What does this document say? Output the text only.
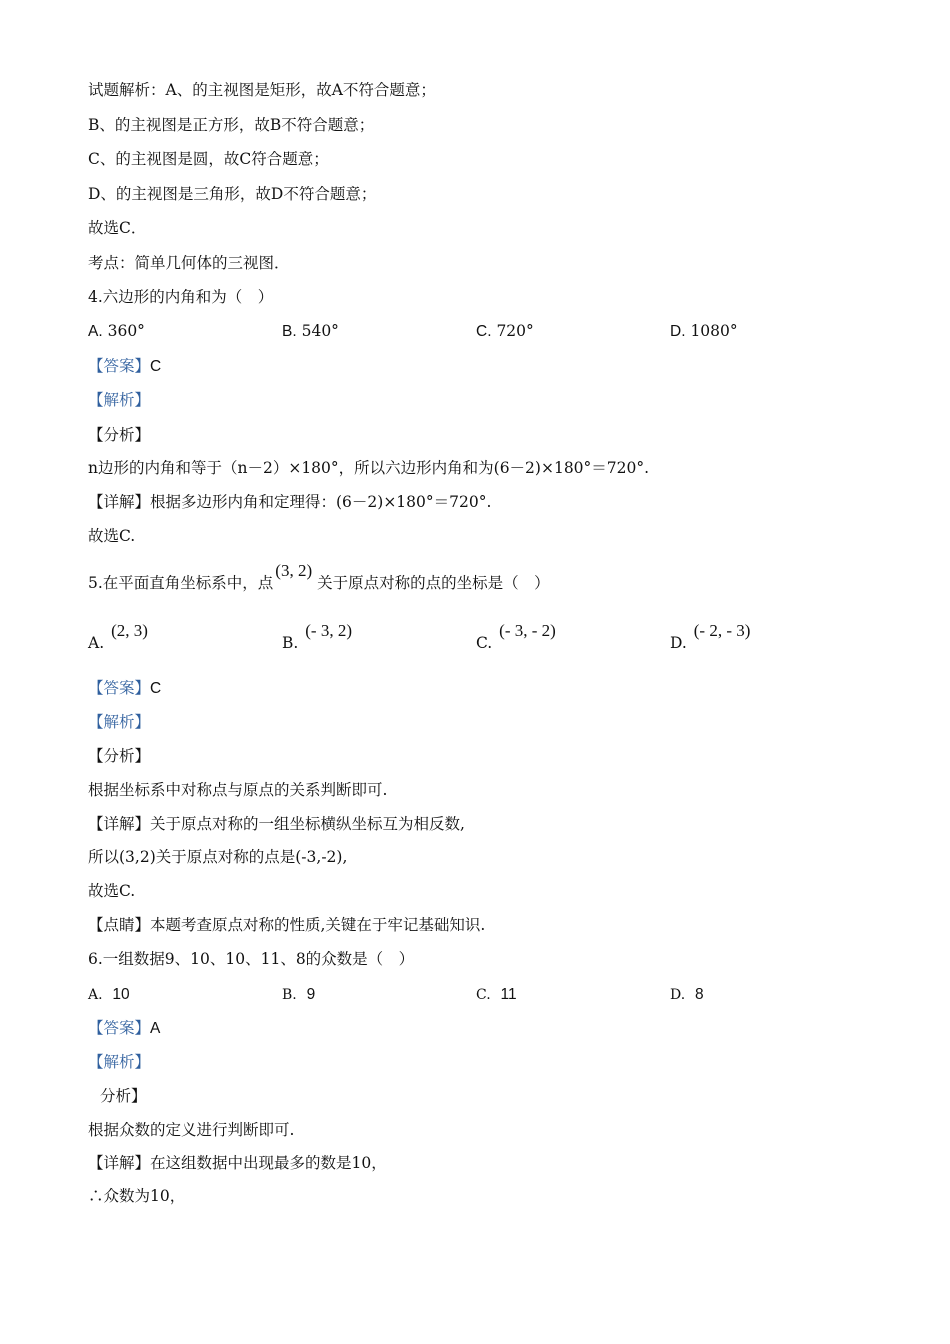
试题解析：A、的主视图是矩形，故A不符合题意；
B、的主视图是正方形，故B不符合题意；
C、的主视图是圆，故C符合题意；
D、的主视图是三角形，故D不符合题意；
故选C．
考点：简单几何体的三视图．
4.六边形的内角和为（　）
A. 360°	B. 540°	C. 720°	D. 1080°
【答案】C
【解析】
【分析】
n边形的内角和等于（n－2）×180°，所以六边形内角和为(6－2)×180°＝720°.
【详解】根据多边形内角和定理得：(6－2)×180°＝720°.
故选C.
5.在平面直角坐标系中，点(3, 2) 关于原点对称的点的坐标是（　）
A. (2, 3)
B. (- 3, 2)
C. (- 3, - 2)
D. (- 2, - 3)
【答案】C
【解析】
【分析】
根据坐标系中对称点与原点的关系判断即可.
【详解】关于原点对称的一组坐标横纵坐标互为相反数,
所以(3,2)关于原点对称的点是(-3,-2),
故选C.
【点睛】本题考查原点对称的性质,关键在于牢记基础知识.
6.一组数据9、10、10、11、8的众数是（　）
A. 10	B. 9	C. 11	D. 8
【答案】A
【解析】
分析】
根据众数的定义进行判断即可.
【详解】在这组数据中出现最多的数是10，
∴众数为10，
